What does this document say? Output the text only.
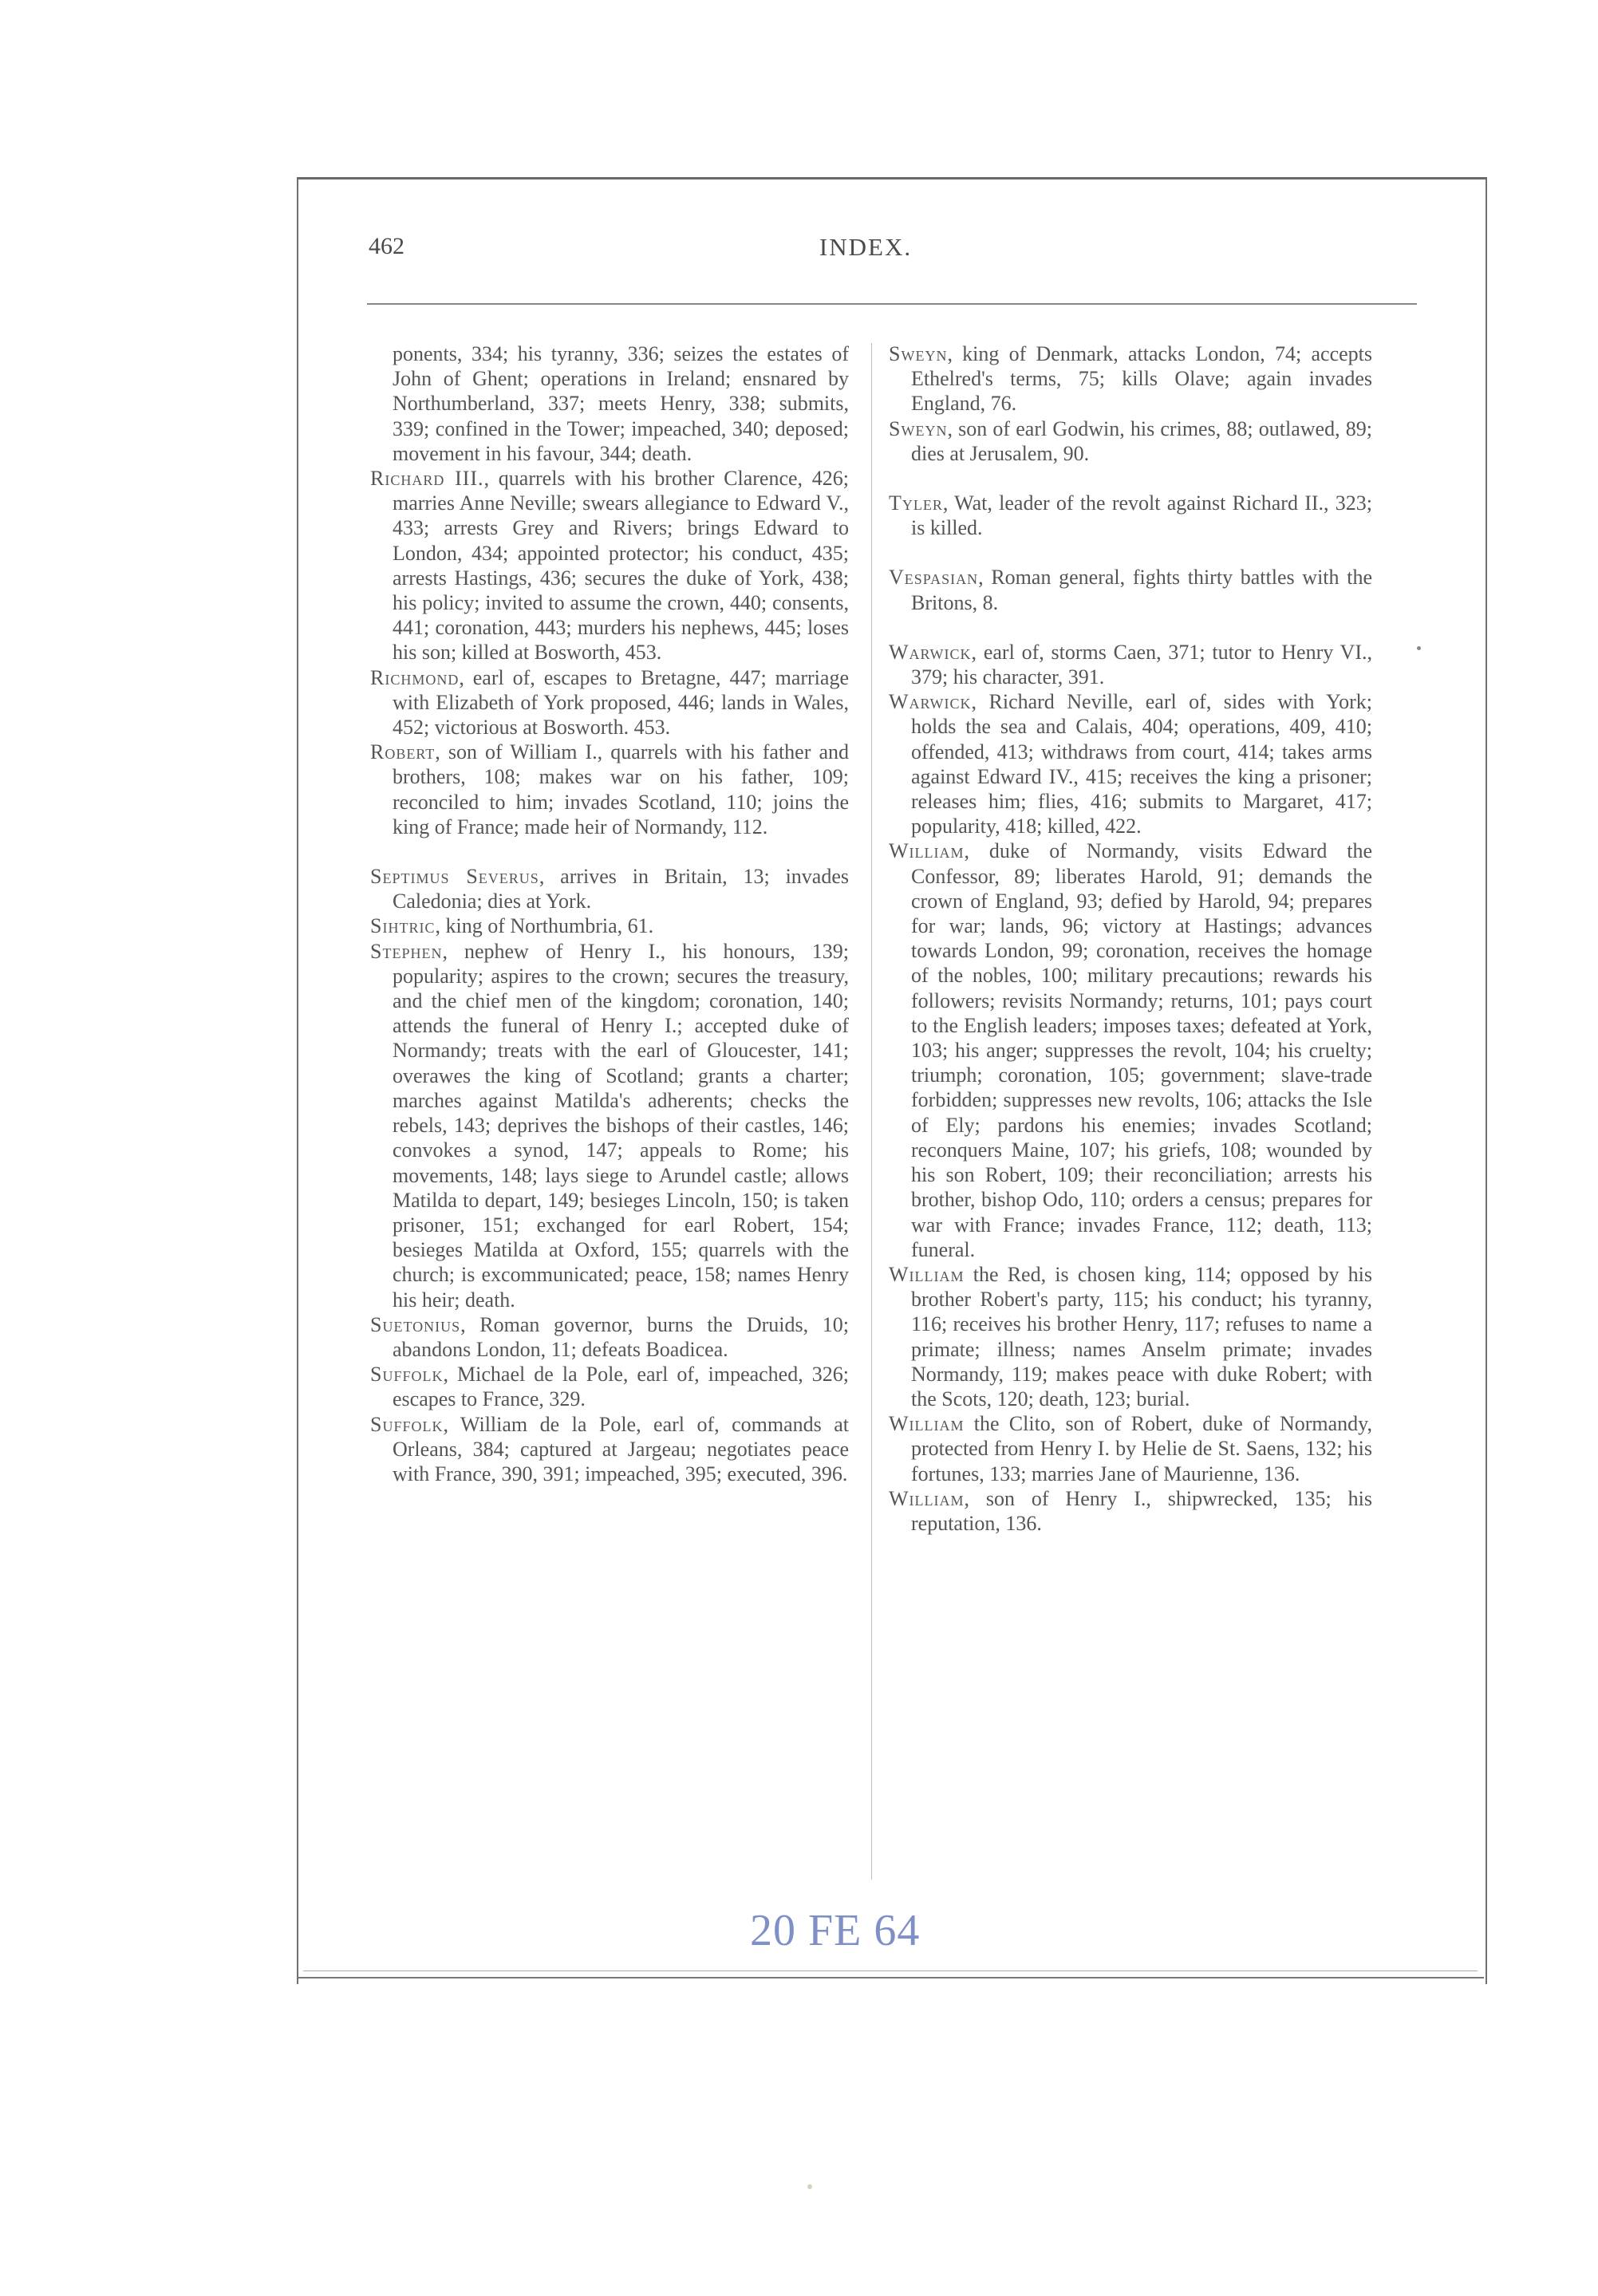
462	INDEX.

ponents, 334; his tyranny, 336; seizes the estates of John of Ghent; operations in Ireland; ensnared by Northumberland, 337; meets Henry, 338; submits, 339; confined in the Tower; impeached, 340; deposed; movement in his favour, 344; death.

Richard III., quarrels with his brother Clarence, 426; marries Anne Neville; swears allegiance to Edward V., 433; arrests Grey and Rivers; brings Edward to London, 434; appointed protector; his conduct, 435; arrests Hastings, 436; secures the duke of York, 438; his policy; invited to assume the crown, 440; consents, 441; coronation, 443; murders his nephews, 445; loses his son; killed at Bosworth, 453.

Richmond, earl of, escapes to Bretagne, 447; marriage with Elizabeth of York proposed, 446; lands in Wales, 452; victorious at Bosworth. 453.

Robert, son of William I., quarrels with his father and brothers, 108; makes war on his father, 109; reconciled to him; invades Scotland, 110; joins the king of France; made heir of Normandy, 112.

Septimus Severus, arrives in Britain, 13; invades Caledonia; dies at York.

Sihtric, king of Northumbria, 61.

Stephen, nephew of Henry I., his honours, 139; popularity; aspires to the crown; secures the treasury, and the chief men of the kingdom; coronation, 140; attends the funeral of Henry I.; accepted duke of Normandy; treats with the earl of Gloucester, 141; overawes the king of Scotland; grants a charter; marches against Matilda's adherents; checks the rebels, 143; deprives the bishops of their castles, 146; convokes a synod, 147; appeals to Rome; his movements, 148; lays siege to Arundel castle; allows Matilda to depart, 149; besieges Lincoln, 150; is taken prisoner, 151; exchanged for earl Robert, 154; besieges Matilda at Oxford, 155; quarrels with the church; is excommunicated; peace, 158; names Henry his heir; death.

Suetonius, Roman governor, burns the Druids, 10; abandons London, 11; defeats Boadicea.

Suffolk, Michael de la Pole, earl of, impeached, 326; escapes to France, 329.

Suffolk, William de la Pole, earl of, commands at Orleans, 384; captured at Jargeau; negotiates peace with France, 390, 391; impeached, 395; executed, 396.

Sweyn, king of Denmark, attacks London, 74; accepts Ethelred's terms, 75; kills Olave; again invades England, 76.

Sweyn, son of earl Godwin, his crimes, 88; outlawed, 89; dies at Jerusalem, 90.

Tyler, Wat, leader of the revolt against Richard II., 323; is killed.

Vespasian, Roman general, fights thirty battles with the Britons, 8.

Warwick, earl of, storms Caen, 371; tutor to Henry VI., 379; his character, 391.

Warwick, Richard Neville, earl of, sides with York; holds the sea and Calais, 404; operations, 409, 410; offended, 413; withdraws from court, 414; takes arms against Edward IV., 415; receives the king a prisoner; releases him; flies, 416; submits to Margaret, 417; popularity, 418; killed, 422.

William, duke of Normandy, visits Edward the Confessor, 89; liberates Harold, 91; demands the crown of England, 93; defied by Harold, 94; prepares for war; lands, 96; victory at Hastings; advances towards London, 99; coronation, receives the homage of the nobles, 100; military precautions; rewards his followers; revisits Normandy; returns, 101; pays court to the English leaders; imposes taxes; defeated at York, 103; his anger; suppresses the revolt, 104; his cruelty; triumph; coronation, 105; government; slave-trade forbidden; suppresses new revolts, 106; attacks the Isle of Ely; pardons his enemies; invades Scotland; reconquers Maine, 107; his griefs, 108; wounded by his son Robert, 109; their reconciliation; arrests his brother, bishop Odo, 110; orders a census; prepares for war with France; invades France, 112; death, 113; funeral.

William the Red, is chosen king, 114; opposed by his brother Robert's party, 115; his conduct; his tyranny, 116; receives his brother Henry, 117; refuses to name a primate; illness; names Anselm primate; invades Normandy, 119; makes peace with duke Robert; with the Scots, 120; death, 123; burial.

William the Clito, son of Robert, duke of Normandy, protected from Henry I. by Helie de St. Saens, 132; his fortunes, 133; marries Jane of Maurienne, 136.

William, son of Henry I., shipwrecked, 135; his reputation, 136.

20 FE 64
